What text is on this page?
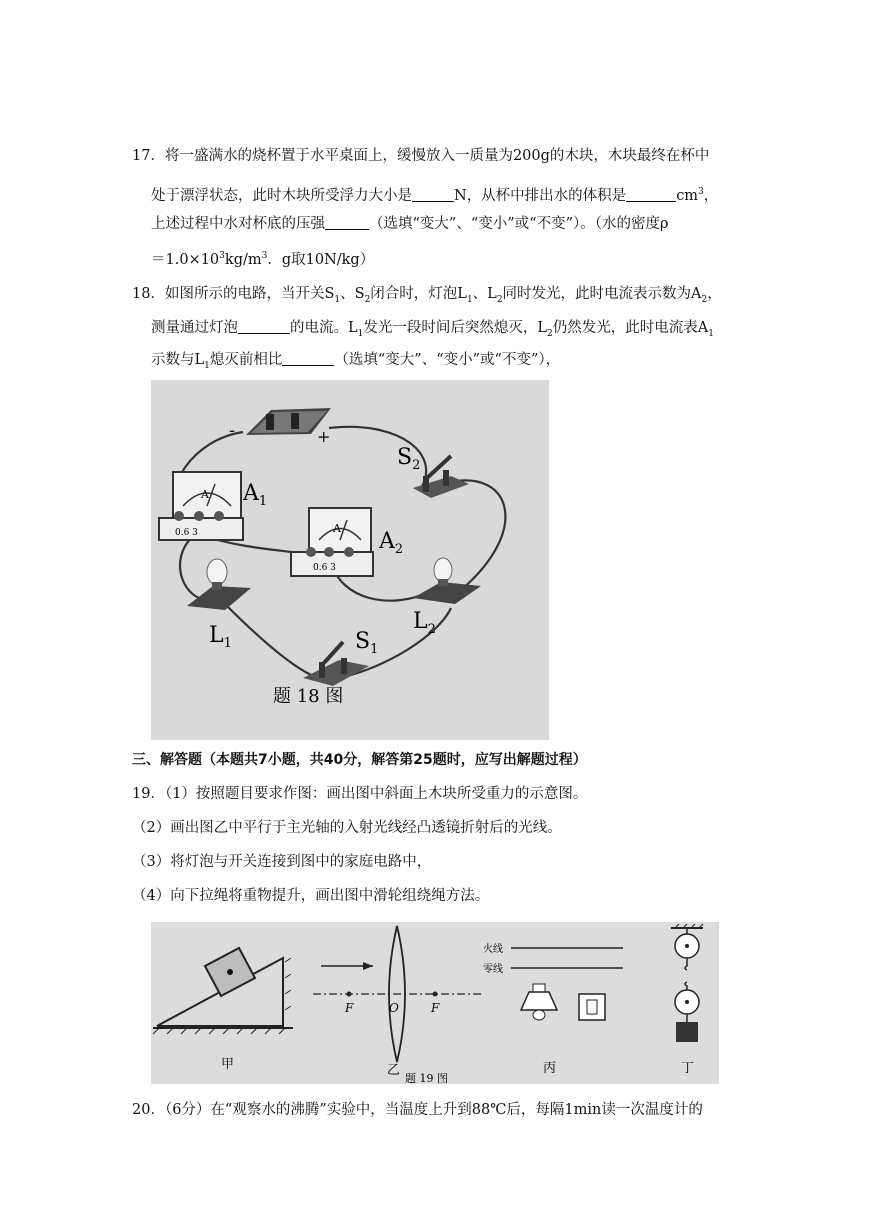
17．将一盛满水的烧杯置于水平桌面上，缓慢放入一质量为200g的木块，木块最终在杯中
处于漂浮状态，此时木块所受浮力大小是	N，从杯中排出水的体积是	$cm^3$，
上述过程中水对杯底的压强	（选填“变大”、“变小”或“不变”）。（水的密度ρ
$=1.0\times 10^3kg/m^3$．g取10N/kg）
18．如图所示的电路，当开关$S_1$、$S_2$闭合时，灯泡$L_1$、$L_2$同时发光，此时电流表示数为$A_2$，
测量通过灯泡	的电流。$L_1$发光一段时间后突然熄灭，$L_2$仍然发光，此时电流表$A_1$
示数与$L_1$熄灭前相比	（选填“变大”、“变小”或“不变”），
-	+
A
0.6 3
$A_1$
A
0.6 3
$A_2$
$S_2$
$L_1$
$L_2$
$S_1$
题 18 图
三、解答题（本题共7小题，共40分，解答第25题时，应写出解题过程）
19．（1）按照题目要求作图：画出图中斜面上木块所受重力的示意图。
（2）画出图乙中平行于主光轴的入射光线经凸透镜折射后的光线。
（3）将灯泡与开关连接到图中的家庭电路中，
（4）向下拉绳将重物提升，画出图中滑轮组绕绳方法。
甲
F	F
O
乙
火线
零线
丙	丁
题 19 图
20．（6分）在“观察水的沸腾”实验中，当温度上升到88℃后，每隔1min读一次温度计的
